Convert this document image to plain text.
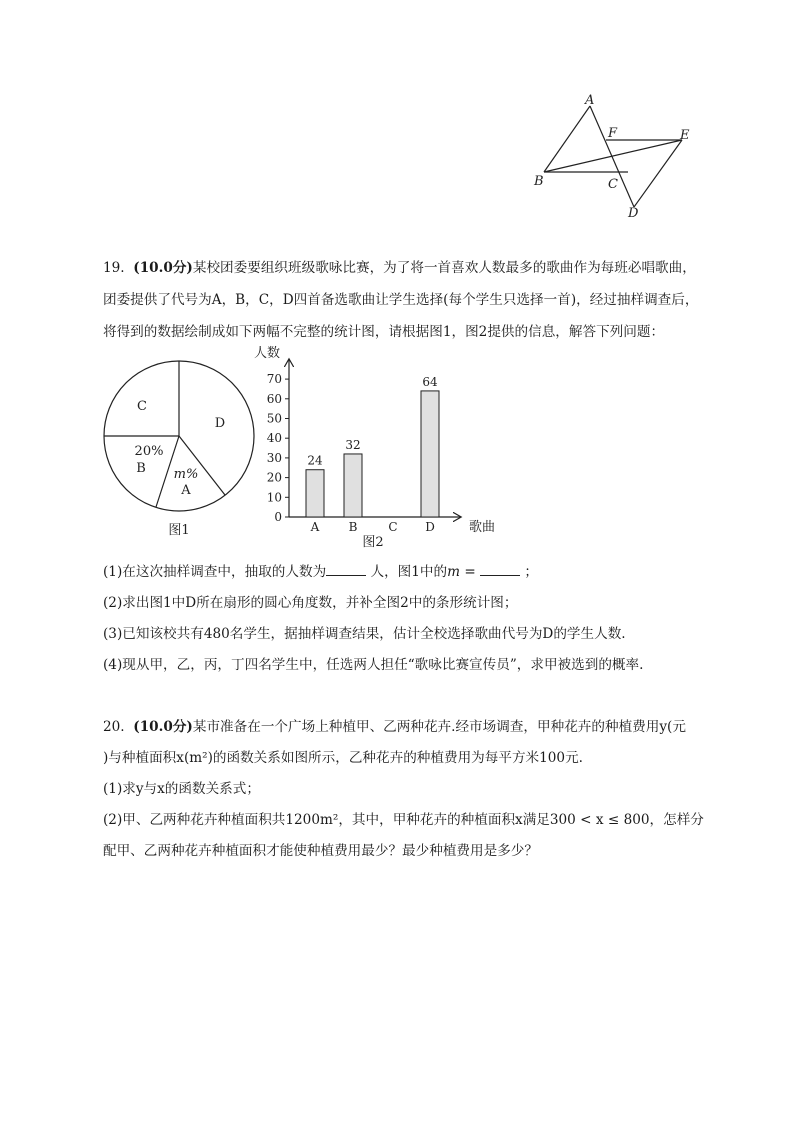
A
B	C
D
E
F
19. (10.0分)某校团委要组织班级歌咏比赛，为了将一首喜欢人数最多的歌曲作为每班必唱歌曲，
团委提供了代号为A，B，C，D四首备选歌曲让学生选择(每个学生只选择一首)，经过抽样调查后，
将得到的数据绘制成如下两幅不完整的统计图，请根据图1，图2提供的信息，解答下列问题：
C
D
20%
B m%
A
图1
人数
歌曲
图2
0
10
20
30
40
50
60
70
A
24
B
32
C D
64
(1)在这次抽样调查中，抽取的人数为	人，图1中的m =	；
(2)求出图1中D所在扇形的圆心角度数，并补全图2中的条形统计图；
(3)已知该校共有480名学生，据抽样调查结果，估计全校选择歌曲代号为D的学生人数.
(4)现从甲，乙，丙，丁四名学生中，任选两人担任“歌咏比赛宣传员”，求甲被选到的概率.
20. (10.0分)某市准备在一个广场上种植甲、乙两种花卉.经市场调查，甲种花卉的种植费用y(元
)与种植面积x(m²)的函数关系如图所示，乙种花卉的种植费用为每平方米100元.
(1)求y与x的函数关系式；
(2)甲、乙两种花卉种植面积共1200m²，其中，甲种花卉的种植面积x满足300 < x ≤ 800，怎样分
配甲、乙两种花卉种植面积才能使种植费用最少？最少种植费用是多少？
